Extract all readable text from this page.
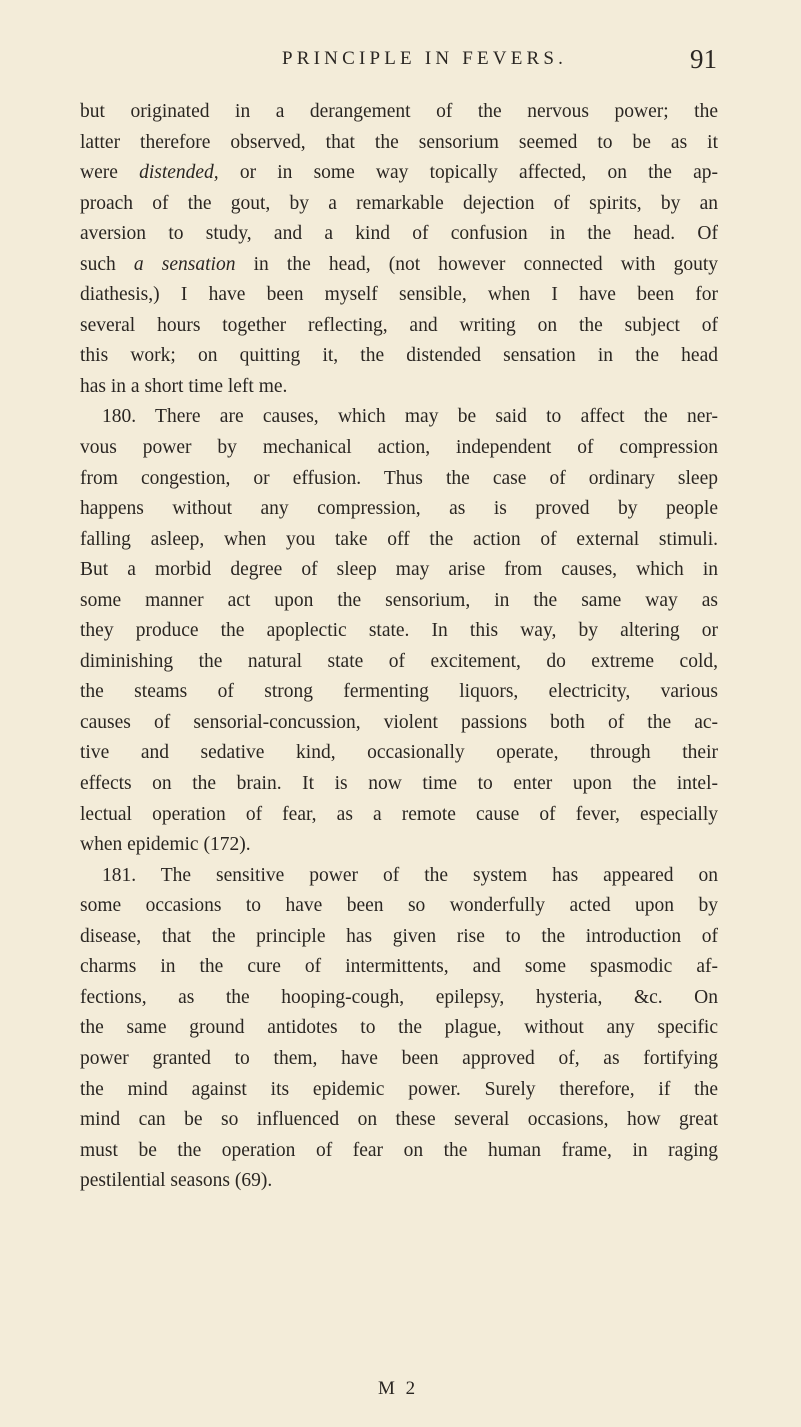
PRINCIPLE IN FEVERS.	91
but originated in a derangement of the nervous power; the
latter therefore observed, that the sensorium seemed to be as it
were distended, or in some way topically affected, on the ap-
proach of the gout, by a remarkable dejection of spirits, by an
aversion to study, and a kind of confusion in the head. Of
such a sensation in the head, (not however connected with gouty
diathesis,) I have been myself sensible, when I have been for
several hours together reflecting, and writing on the subject of
this work; on quitting it, the distended sensation in the head
has in a short time left me.
180. There are causes, which may be said to affect the ner-
vous power by mechanical action, independent of compression
from congestion, or effusion. Thus the case of ordinary sleep
happens without any compression, as is proved by people
falling asleep, when you take off the action of external stimuli.
But a morbid degree of sleep may arise from causes, which in
some manner act upon the sensorium, in the same way as
they produce the apoplectic state. In this way, by altering or
diminishing the natural state of excitement, do extreme cold,
the steams of strong fermenting liquors, electricity, various
causes of sensorial-concussion, violent passions both of the ac-
tive and sedative kind, occasionally operate, through their
effects on the brain. It is now time to enter upon the intel-
lectual operation of fear, as a remote cause of fever, especially
when epidemic (172).
181. The sensitive power of the system has appeared on
some occasions to have been so wonderfully acted upon by
disease, that the principle has given rise to the introduction of
charms in the cure of intermittents, and some spasmodic af-
fections, as the hooping-cough, epilepsy, hysteria, &c. On
the same ground antidotes to the plague, without any specific
power granted to them, have been approved of, as fortifying
the mind against its epidemic power. Surely therefore, if the
mind can be so influenced on these several occasions, how great
must be the operation of fear on the human frame, in raging
pestilential seasons (69).
M 2
